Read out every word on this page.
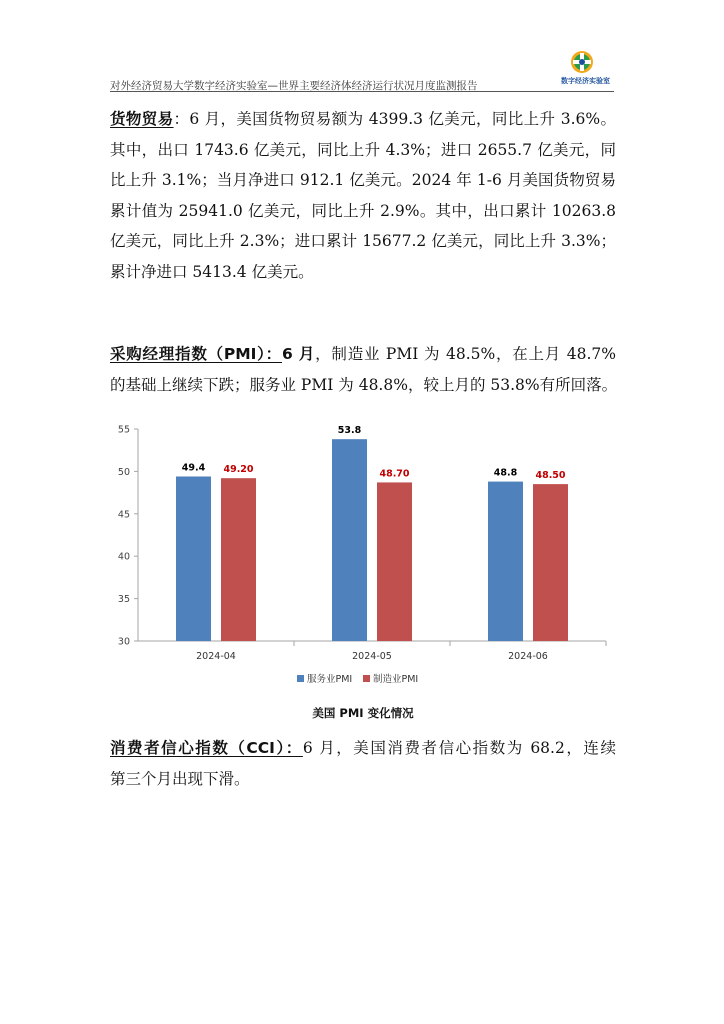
对外经济贸易大学数字经济实验室—世界主要经济体经济运行状况月度监测报告	数字经济实验室
货物贸易：6 月，美国货物贸易额为 4399.3 亿美元，同比上升 3.6%。
其中，出口 1743.6 亿美元，同比上升 4.3%；进口 2655.7 亿美元，同
比上升 3.1%；当月净进口 912.1 亿美元。2024 年 1-6 月美国货物贸易
累计值为 25941.0 亿美元，同比上升 2.9%。其中，出口累计 10263.8
亿美元，同比上升 2.3%；进口累计 15677.2 亿美元，同比上升 3.3%；
累计净进口 5413.4 亿美元。
采购经理指数（PMI）：6 月，制造业 PMI 为 48.5%，在上月 48.7%
的基础上继续下跌；服务业 PMI 为 48.8%，较上月的 53.8%有所回落。
30
35
40
45
50
55
2024-04
49.4 49.20
2024-05
53.8
48.70
2024-06
48.8 48.50
服务业PMI 制造业PMI
美国 PMI 变化情况
消费者信心指数（CCI）：6 月，美国消费者信心指数为 68.2，连续
第三个月出现下滑。
